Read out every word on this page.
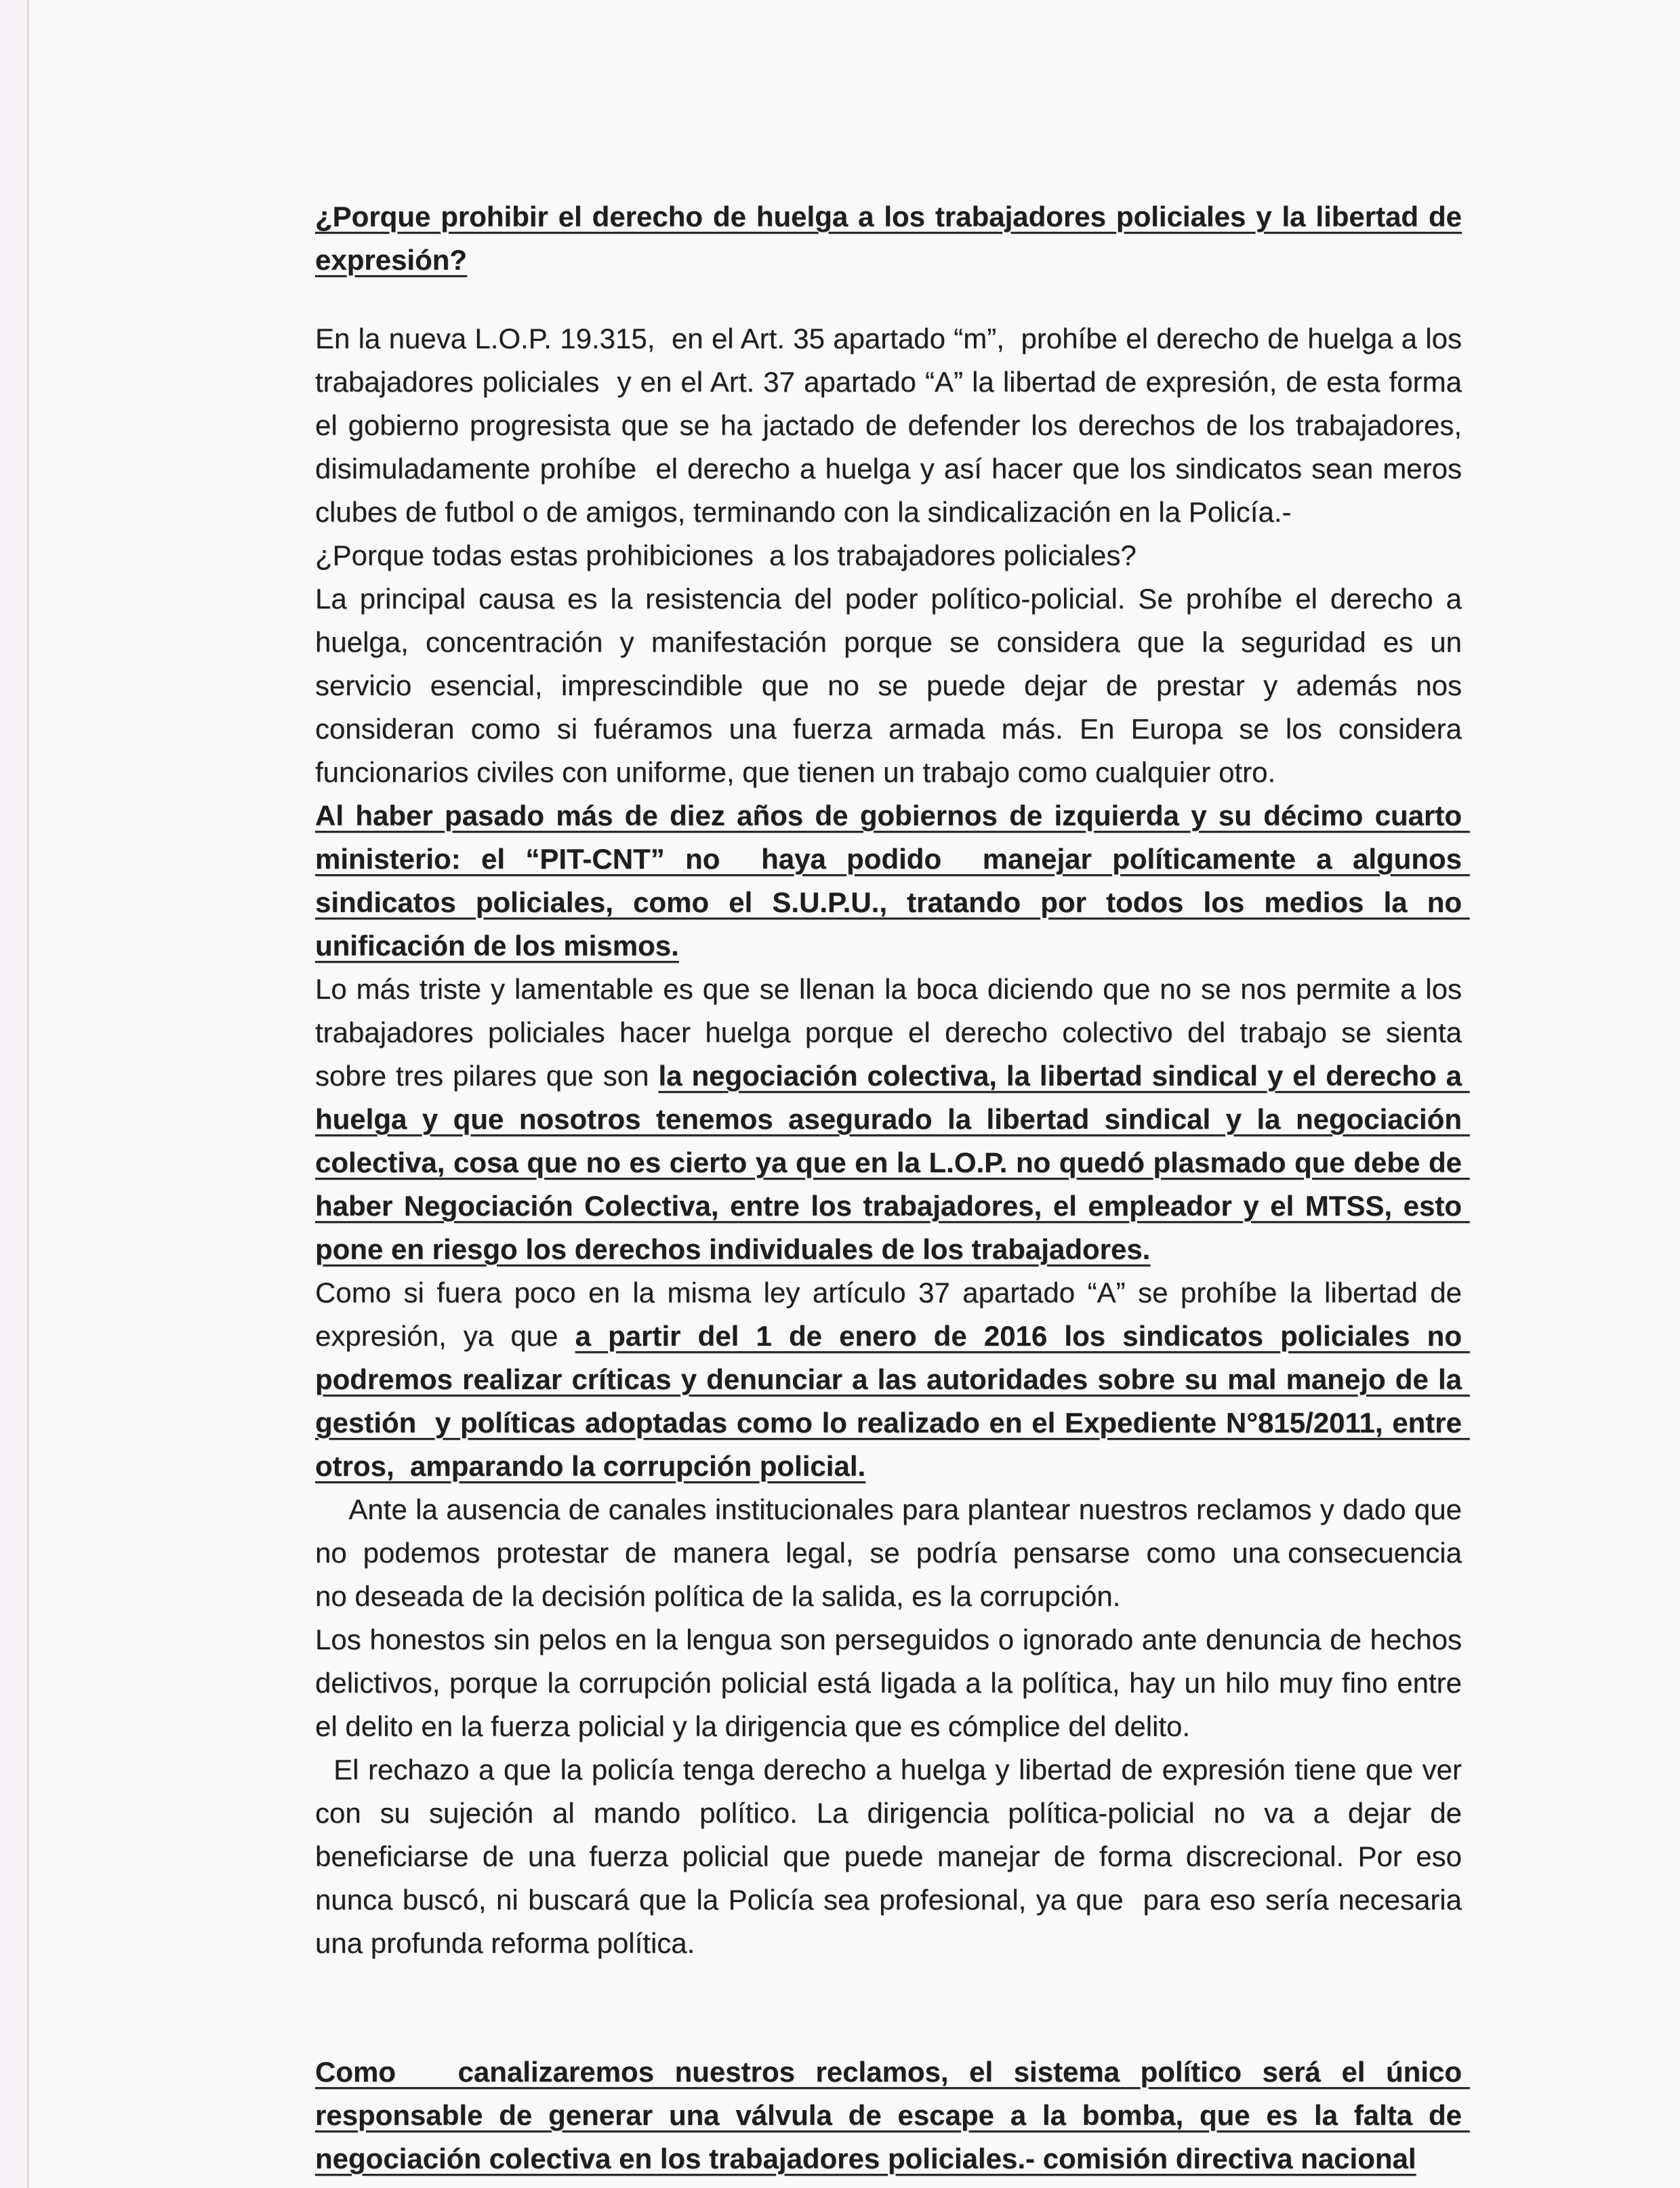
¿Porque prohibir el derecho de huelga a los trabajadores policiales y la libertad de expresión?

En la nueva L.O.P. 19.315,  en el Art. 35 apartado “m”,  prohíbe el derecho de huelga a los trabajadores policiales  y en el Art. 37 apartado “A” la libertad de expresión, de esta forma el gobierno progresista que se ha jactado de defender los derechos de los trabajadores, disimuladamente prohíbe  el derecho a huelga y así hacer que los sindicatos sean meros clubes de futbol o de amigos, terminando con la sindicalización en la Policía.-

¿Porque todas estas prohibiciones  a los trabajadores policiales?

La principal causa es la resistencia del poder político-policial. Se prohíbe el derecho a huelga, concentración y manifestación porque se considera que la seguridad es un servicio esencial, imprescindible que no se puede dejar de prestar y además nos consideran como si fuéramos una fuerza armada más. En Europa se los considera funcionarios civiles con uniforme, que tienen un trabajo como cualquier otro.

Al haber pasado más de diez años de gobiernos de izquierda y su décimo cuarto ministerio: el “PIT-CNT” no  haya podido  manejar políticamente a algunos sindicatos policiales, como el S.U.P.U., tratando por todos los medios la no unificación de los mismos.

Lo más triste y lamentable es que se llenan la boca diciendo que no se nos permite a los trabajadores policiales hacer huelga porque el derecho colectivo del trabajo se sienta sobre tres pilares que son la negociación colectiva, la libertad sindical y el derecho a huelga y que nosotros tenemos asegurado la libertad sindical y la negociación colectiva, cosa que no es cierto ya que en la L.O.P. no quedó plasmado que debe de haber Negociación Colectiva, entre los trabajadores, el empleador y el MTSS, esto pone en riesgo los derechos individuales de los trabajadores.

Como si fuera poco en la misma ley artículo 37 apartado “A” se prohíbe la libertad de expresión, ya que a partir del 1 de enero de 2016 los sindicatos policiales no podremos realizar críticas y denunciar a las autoridades sobre su mal manejo de la gestión  y políticas adoptadas como lo realizado en el Expediente N°815/2011, entre otros,  amparando la corrupción policial.

Ante la ausencia de canales institucionales para plantear nuestros reclamos y dado que no  podemos  protestar  de  manera  legal,  se  podría  pensarse  como  una consecuencia no deseada de la decisión política de la salida, es la corrupción.

Los honestos sin pelos en la lengua son perseguidos o ignorado ante denuncia de hechos delictivos, porque la corrupción policial está ligada a la política, hay un hilo muy fino entre el delito en la fuerza policial y la dirigencia que es cómplice del delito.

El rechazo a que la policía tenga derecho a huelga y libertad de expresión tiene que ver con su sujeción al mando político. La dirigencia política-policial no va a dejar de beneficiarse de una fuerza policial que puede manejar de forma discrecional. Por eso nunca buscó, ni buscará que la Policía sea profesional, ya que  para eso sería necesaria una profunda reforma política.

Como   canalizaremos nuestros reclamos, el sistema político será el único responsable de generar una válvula de escape a la bomba, que es la falta de negociación colectiva en los trabajadores policiales.- comisión directiva nacional
